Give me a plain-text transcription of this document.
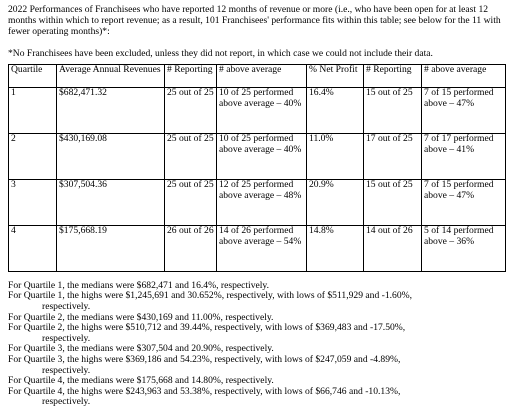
2022 Performances of Franchisees who have reported 12 months of revenue or more (i.e., who have been open for at least 12 months within which to report revenue; as a result, 101 Franchisees' performance fits within this table; see below for the 11 with fewer operating months)*:

*No Franchisees have been excluded, unless they did not report, in which case we could not include their data.

Quartile	Average Annual Revenues	# Reporting	# above average	% Net Profit	# Reporting	# above average

1	$682,471.32	25 out of 25	10 of 25 performed above average – 40%	16.4%	15 out of 25	7 of 15 performed above – 47%
2	$430,169.08	25 out of 25	10 of 25 performed above average – 40%	11.0%	17 out of 25	7 of 17 performed above – 41%
3	$307,504.36	25 out of 25	12 of 25 performed above average – 48%	20.9%	15 out of 25	7 of 15 performed above – 47%
4	$175,668.19	26 out of 26	14 of 26 performed above average – 54%	14.8%	14 out of 26	5 of 14 performed above – 36%

For Quartile 1, the medians were $682,471 and 16.4%, respectively.

For Quartile 1, the highs were $1,245,691 and 30.652%, respectively, with lows of $511,929 and -1.60%,

respectively.

For Quartile 2, the medians were $430,169 and 11.00%, respectively.

For Quartile 2, the highs were $510,712 and 39.44%, respectively, with lows of $369,483 and -17.50%,

respectively.

For Quartile 3, the medians were $307,504 and 20.90%, respectively.

For Quartile 3, the highs were $369,186 and 54.23%, respectively, with lows of $247,059 and -4.89%,

respectively.

For Quartile 4, the medians were $175,668 and 14.80%, respectively.

For Quartile 4, the highs were $243,963 and 53.38%, respectively, with lows of $66,746 and -10.13%,

respectively.
